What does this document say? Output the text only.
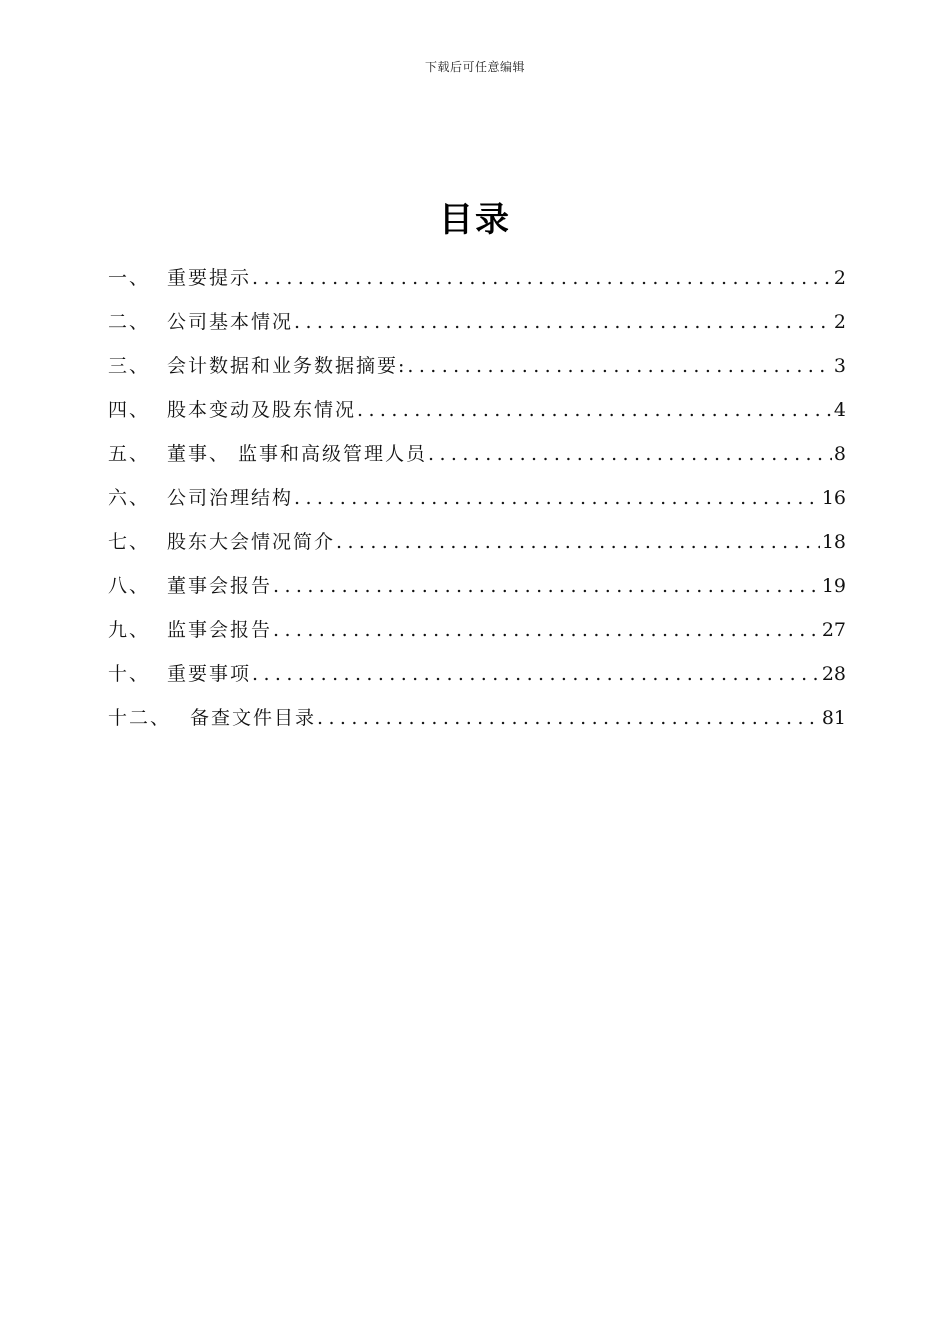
下载后可任意编辑
目录
一、 重要提示 .....	2
二、 公司基本情况 .....	2
三、 会计数据和业务数据摘要: .....	3
四、 股本变动及股东情况 .....	4
五、 董事、 监事和高级管理人员 .....	8
六、 公司治理结构 .....	16
七、 股东大会情况简介 .....	18
八、 董事会报告 .....	19
九、 监事会报告 .....	27
十、 重要事项 .....	28
十二、 备查文件目录 .....	81
